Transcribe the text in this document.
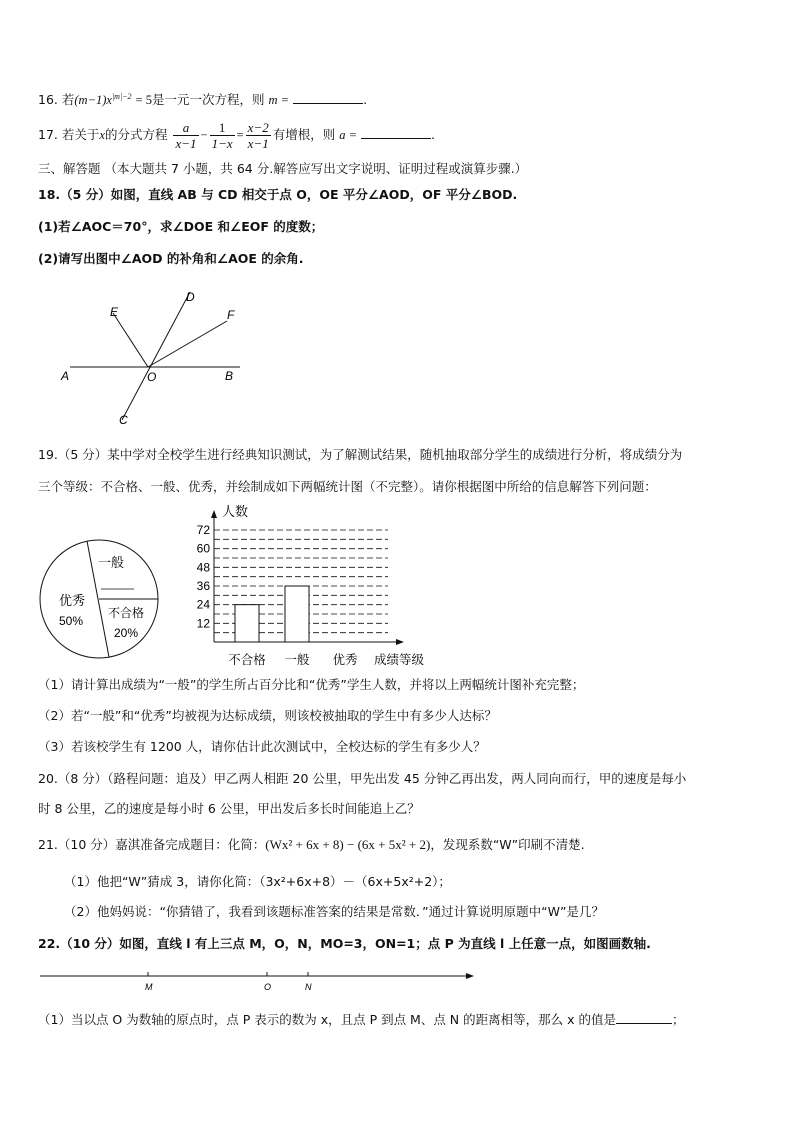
16. 若$(m-1)x^{|m|-2} = 5$是一元一次方程，则 m =	.
17. 若关于x的分式方程 $\frac{a}{x-1} - \frac{1}{1-x} = \frac{x-2}{x-1}$ 有增根，则 a =	.
三、解答题 （本大题共 7 小题，共 64 分.解答应写出文字说明、证明过程或演算步骤.）
18.（5 分）如图，直线 AB 与 CD 相交于点 O，OE 平分∠AOD，OF 平分∠BOD.
(1)若∠AOC＝70°，求∠DOE 和∠EOF 的度数；
(2)请写出图中∠AOD 的补角和∠AOE 的余角.
A	B
C
D
E	F
O
19.（5 分）某中学对全校学生进行经典知识测试，为了解测试结果，随机抽取部分学生的成绩进行分析，将成绩分为
三个等级：不合格、一般、优秀，并绘制成如下两幅统计图（不完整）。请你根据图中所给的信息解答下列问题：
一般
优秀
50%
不合格
20%
12
24
36
48
60
72
不合格 一般 优秀
人数
成绩等级
（1）请计算出成绩为“一般”的学生所占百分比和“优秀”学生人数，并将以上两幅统计图补充完整；
（2）若“一般”和“优秀”均被视为达标成绩，则该校被抽取的学生中有多少人达标？
（3）若该校学生有 1200 人，请你估计此次测试中，全校达标的学生有多少人？
20.（8 分）（路程问题：追及）甲乙两人相距 20 公里，甲先出发 45 分钟乙再出发，两人同向而行，甲的速度是每小
时 8 公里，乙的速度是每小时 6 公里，甲出发后多长时间能追上乙？
21.（10 分）嘉淇准备完成题目：化简：(Wx² + 6x + 8) − (6x + 5x² + 2)，发现系数“W”印刷不清楚.
（1）他把“W”猜成 3，请你化简：（3x²+6x+8）－（6x+5x²+2）；
（2）他妈妈说：“你猜错了，我看到该题标准答案的结果是常数．”通过计算说明原题中“W”是几？
22.（10 分）如图，直线 l 有上三点 M，O，N，MO=3，ON=1；点 P 为直线 l 上任意一点，如图画数轴.
M	O	N
（1）当以点 O 为数轴的原点时，点 P 表示的数为 x，且点 P 到点 M、点 N 的距离相等，那么 x 的值是	；
